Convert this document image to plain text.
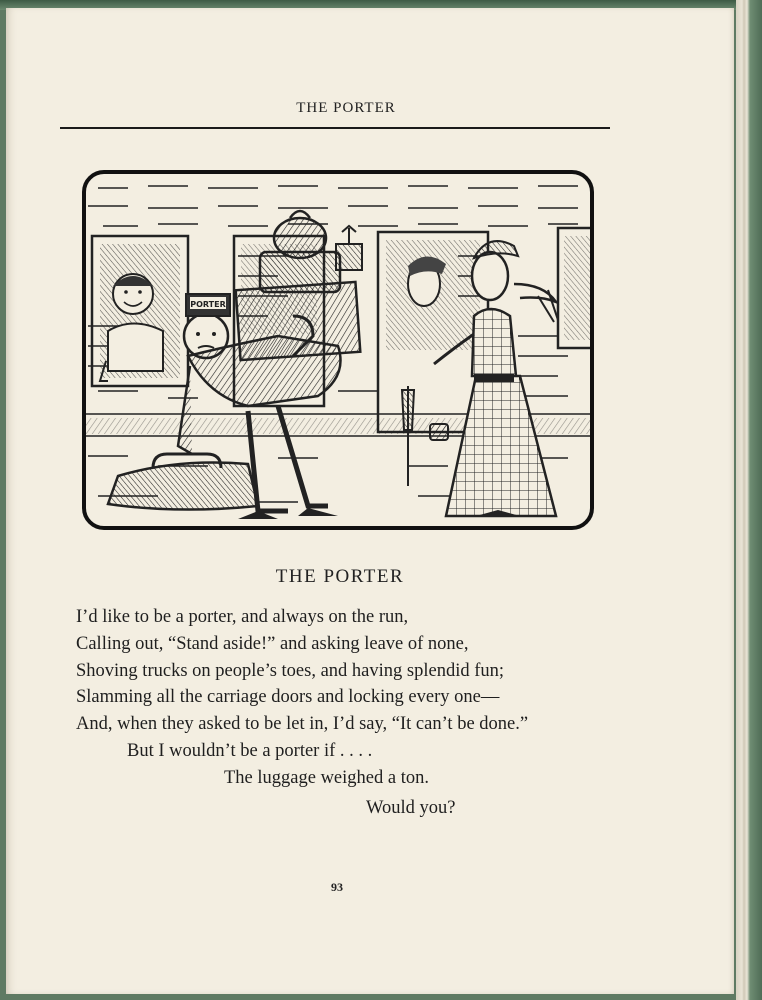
THE PORTER
PORTER
THE PORTER
I’d like to be a porter, and always on the run,
Calling out, “Stand aside!” and asking leave of none,
Shoving trucks on people’s toes, and having splendid fun;
Slamming all the carriage doors and locking every one—
And, when they asked to be let in, I’d say, “It can’t be done.”
But I wouldn’t be a porter if . . . .
The luggage weighed a ton.
Would you?
93
